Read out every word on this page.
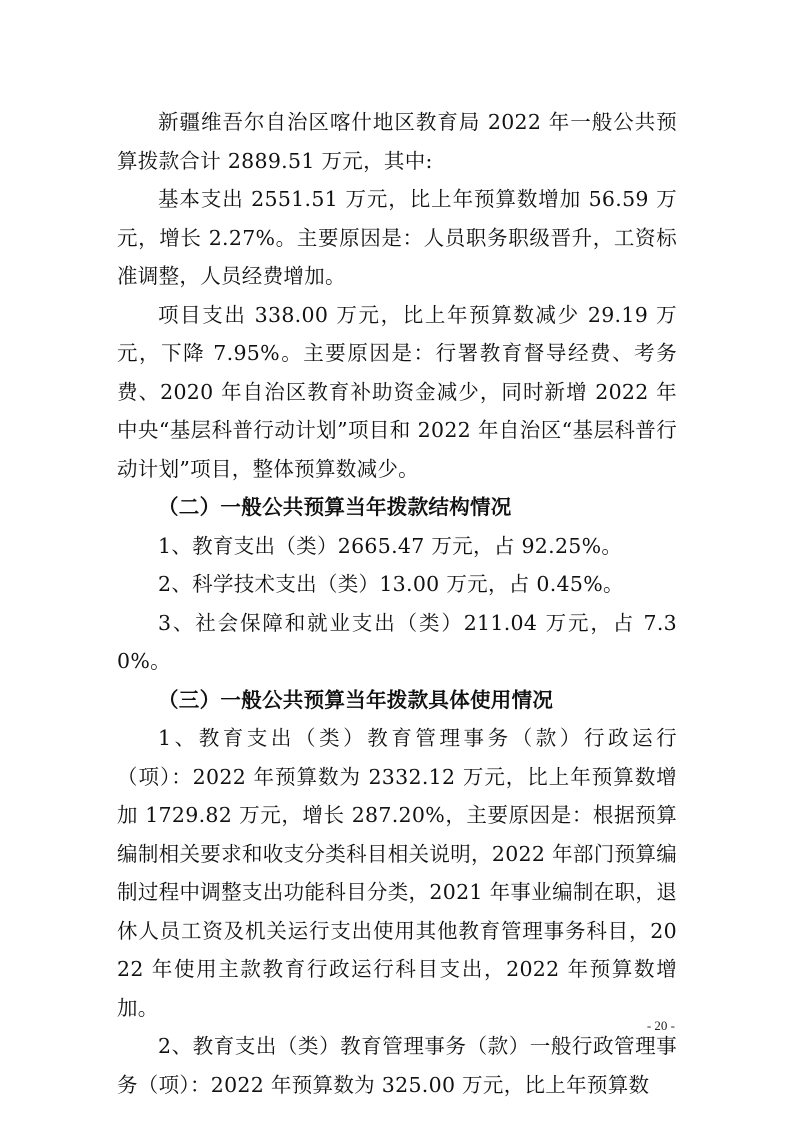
新疆维吾尔自治区喀什地区教育局 2022 年一般公共预算拨款合计 2889.51 万元，其中:

基本支出 2551.51 万元，比上年预算数增加 56.59 万元，增长 2.27%。主要原因是：人员职务职级晋升，工资标准调整，人员经费增加。

项目支出 338.00 万元，比上年预算数减少 29.19 万元，下降 7.95%。主要原因是：行署教育督导经费、考务费、2020 年自治区教育补助资金减少，同时新增 2022 年中央“基层科普行动计划”项目和 2022 年自治区“基层科普行动计划”项目，整体预算数减少。

（二）一般公共预算当年拨款结构情况

1、教育支出（类）2665.47 万元，占 92.25%。

2、科学技术支出（类）13.00 万元，占 0.45%。

3、社会保障和就业支出（类）211.04 万元，占 7.30%。

（三）一般公共预算当年拨款具体使用情况

1、教育支出（类）教育管理事务（款）行政运行（项）：2022 年预算数为 2332.12 万元，比上年预算数增加 1729.82 万元，增长 287.20%，主要原因是：根据预算编制相关要求和收支分类科目相关说明，2022 年部门预算编制过程中调整支出功能科目分类，2021 年事业编制在职，退休人员工资及机关运行支出使用其他教育管理事务科目，2022 年使用主款教育行政运行科目支出，2022 年预算数增加。

2、教育支出（类）教育管理事务（款）一般行政管理事务（项）：2022 年预算数为 325.00 万元，比上年预算数

- 20 -
